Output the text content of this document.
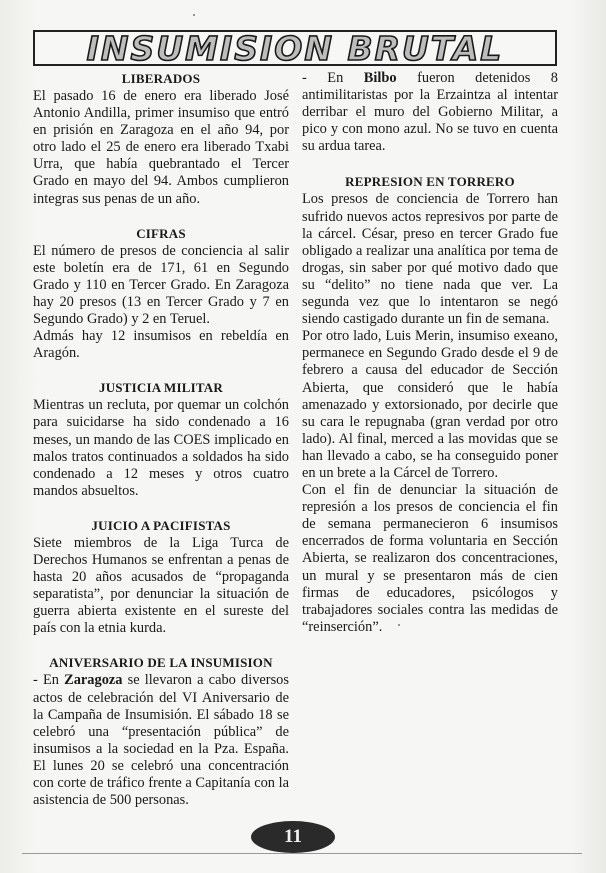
INSUMISION BRUTAL
LIBERADOS

El pasado 16 de enero era liberado José Antonio Andilla, primer insumiso que entró en prisión en Zaragoza en el año 94, por otro lado el 25 de enero era liberado Txabi Urra, que había quebrantado el Tercer Grado en mayo del 94. Ambos cumplieron integras sus penas de un año.

CIFRAS

El número de presos de conciencia al salir este boletín era de 171, 61 en Segundo Grado y 110 en Tercer Grado. En Zaragoza hay 20 presos (13 en Tercer Grado y 7 en Segundo Grado) y 2 en Teruel.

Admás hay 12 insumisos en rebeldía en Aragón.

JUSTICIA MILITAR

Mientras un recluta, por quemar un colchón para suicidarse ha sido condenado a 16 meses, un mando de las COES implicado en malos tratos continuados a soldados ha sido condenado a 12 meses y otros cuatro mandos absueltos.

JUICIO A PACIFISTAS

Siete miembros de la Liga Turca de Derechos Humanos se enfrentan a penas de hasta 20 años acusados de “propaganda separatista”, por denunciar la situación de guerra abierta existente en el sureste del país con la etnia kurda.

ANIVERSARIO DE LA INSUMISION

- En Zaragoza se llevaron a cabo diversos actos de celebración del VI Aniversario de la Campaña de Insumisión. El sábado 18 se celebró una “presentación pública” de insumisos a la sociedad en la Pza. España. El lunes 20 se celebró una concentración con corte de tráfico frente a Capitanía con la asistencia de 500 personas.

- En Bilbo fueron detenidos 8 antimilitaristas por la Erzaintza al intentar derribar el muro del Gobierno Militar, a pico y con mono azul. No se tuvo en cuenta su ardua tarea.

REPRESION EN TORRERO

Los presos de conciencia de Torrero han sufrido nuevos actos represivos por parte de la cárcel. César, preso en tercer Grado fue obligado a realizar una analítica por tema de drogas, sin saber por qué motivo dado que su “delito” no tiene nada que ver. La segunda vez que lo intentaron se negó siendo castigado durante un fin de semana.

Por otro lado, Luis Merin, insumiso exeano, permanece en Segundo Grado desde el 9 de febrero a causa del educador de Sección Abierta, que consideró que le había amenazado y extorsionado, por decirle que su cara le repugnaba (gran verdad por otro lado). Al final, merced a las movidas que se han llevado a cabo, se ha conseguido poner en un brete a la Cárcel de Torrero.

Con el fin de denunciar la situación de represión a los presos de conciencia el fin de semana permanecieron 6 insumisos encerrados de forma voluntaria en Sección Abierta, se realizaron dos concentraciones, un mural y se presentaron más de cien firmas de educadores, psicólogos y trabajadores sociales contra las medidas de “reinserción”.

11
